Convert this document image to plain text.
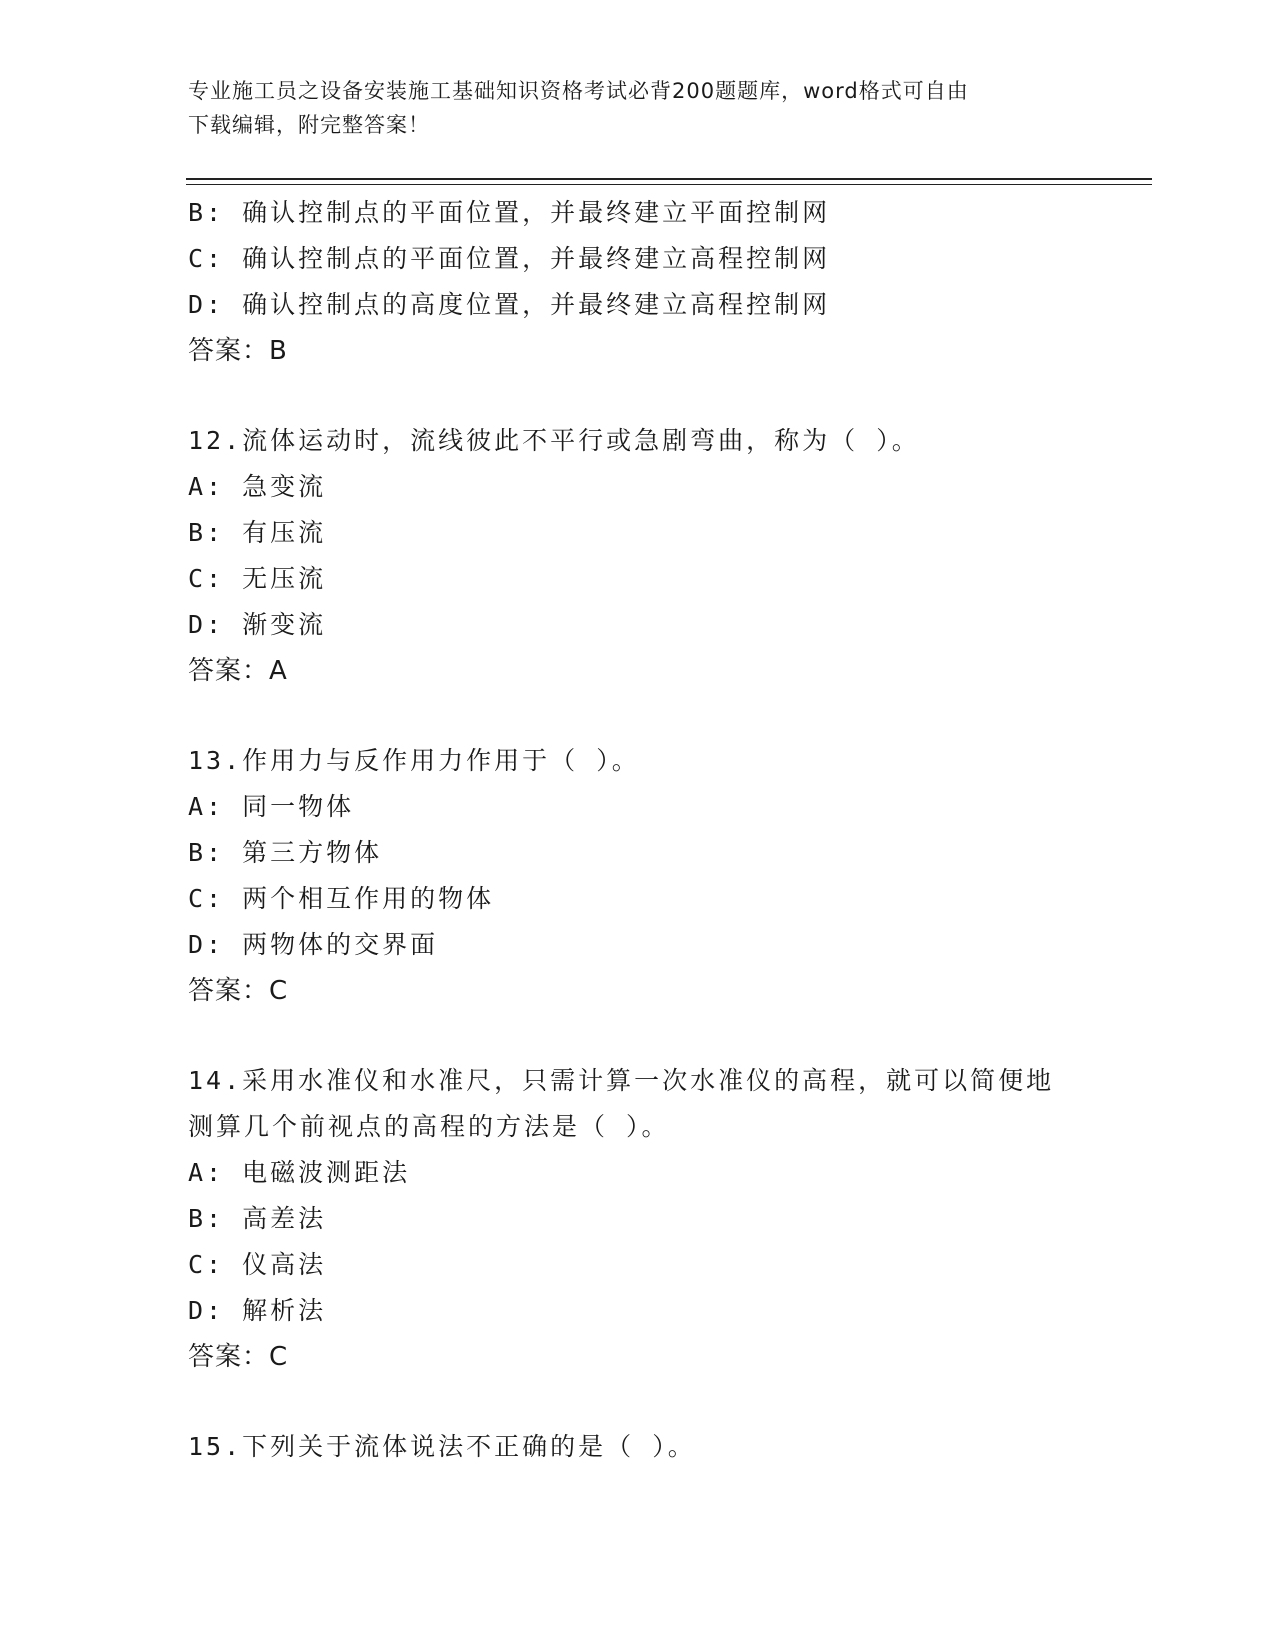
专业施工员之设备安装施工基础知识资格考试必背200题题库，word格式可自由
下载编辑，附完整答案！
B: 确认控制点的平面位置，并最终建立平面控制网
C: 确认控制点的平面位置，并最终建立高程控制网
D: 确认控制点的高度位置，并最终建立高程控制网
答案：B
12.流体运动时，流线彼此不平行或急剧弯曲，称为（ ）。
A: 急变流
B: 有压流
C: 无压流
D: 渐变流
答案：A
13.作用力与反作用力作用于（ ）。
A: 同一物体
B: 第三方物体
C: 两个相互作用的物体
D: 两物体的交界面
答案：C
14.采用水准仪和水准尺，只需计算一次水准仪的高程，就可以简便地
测算几个前视点的高程的方法是（ ）。
A: 电磁波测距法
B: 高差法
C: 仪高法
D: 解析法
答案：C
15.下列关于流体说法不正确的是（ ）。
